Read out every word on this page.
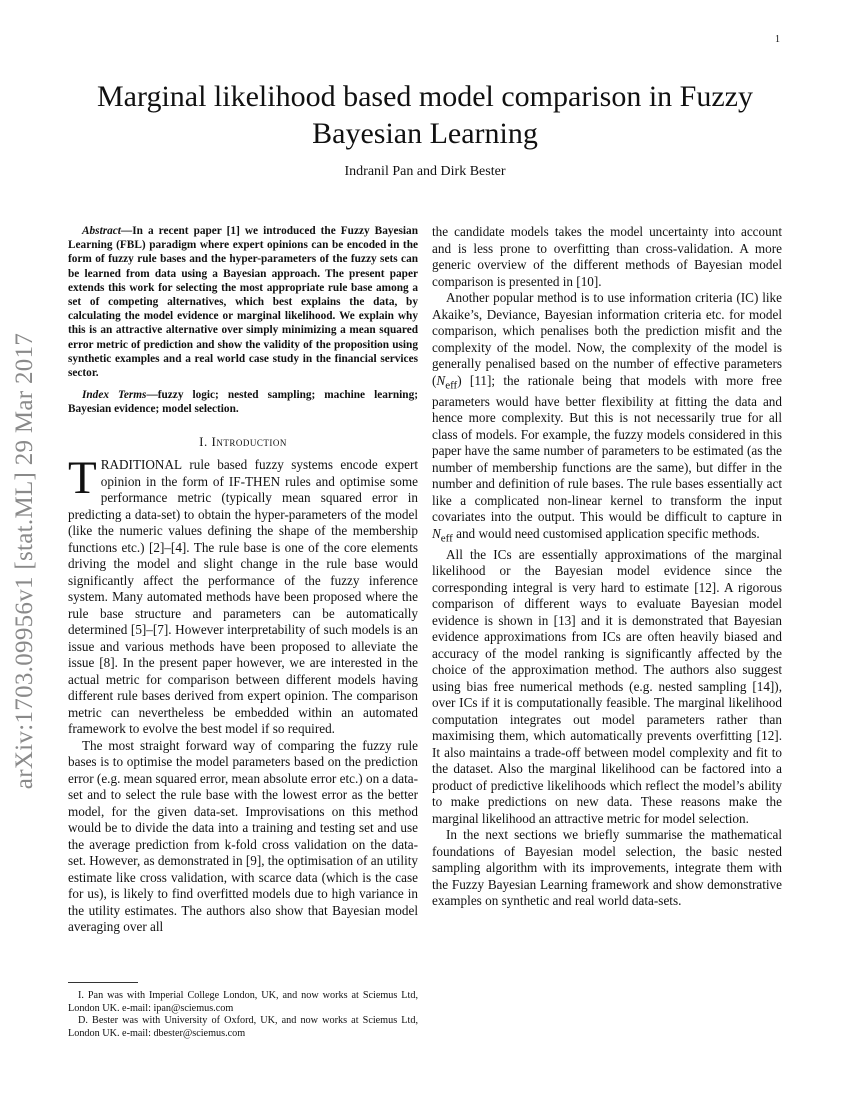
1
arXiv:1703.09956v1 [stat.ML] 29 Mar 2017
Marginal likelihood based model comparison in Fuzzy Bayesian Learning
Indranil Pan and Dirk Bester

Abstract—In a recent paper [1] we introduced the Fuzzy Bayesian Learning (FBL) paradigm where expert opinions can be encoded in the form of fuzzy rule bases and the hyper-parameters of the fuzzy sets can be learned from data using a Bayesian approach. The present paper extends this work for selecting the most appropriate rule base among a set of competing alternatives, which best explains the data, by calculating the model evidence or marginal likelihood. We explain why this is an attractive alternative over simply minimizing a mean squared error metric of prediction and show the validity of the proposition using synthetic examples and a real world case study in the financial services sector.

Index Terms—fuzzy logic; nested sampling; machine learning; Bayesian evidence; model selection.

I. Introduction

TRADITIONAL rule based fuzzy systems encode expert opinion in the form of IF-THEN rules and optimise some performance metric (typically mean squared error in predicting a data-set) to obtain the hyper-parameters of the model (like the numeric values defining the shape of the membership functions etc.) [2]–[4]. The rule base is one of the core elements driving the model and slight change in the rule base would significantly affect the performance of the fuzzy inference system. Many automated methods have been proposed where the rule base structure and parameters can be automatically determined [5]–[7]. However interpretability of such models is an issue and various methods have been proposed to alleviate the issue [8]. In the present paper however, we are interested in the actual metric for comparison between different models having different rule bases derived from expert opinion. The comparison metric can nevertheless be embedded within an automated framework to evolve the best model if so required.

The most straight forward way of comparing the fuzzy rule bases is to optimise the model parameters based on the prediction error (e.g. mean squared error, mean absolute error etc.) on a data-set and to select the rule base with the lowest error as the better model, for the given data-set. Improvisations on this method would be to divide the data into a training and testing set and use the average prediction from k-fold cross validation on the data-set. However, as demonstrated in [9], the optimisation of an utility estimate like cross validation, with scarce data (which is the case for us), is likely to find overfitted models due to high variance in the utility estimates. The authors also show that Bayesian model averaging over all

the candidate models takes the model uncertainty into account and is less prone to overfitting than cross-validation. A more generic overview of the different methods of Bayesian model comparison is presented in [10].

Another popular method is to use information criteria (IC) like Akaike’s, Deviance, Bayesian information criteria etc. for model comparison, which penalises both the prediction misfit and the complexity of the model. Now, the complexity of the model is generally penalised based on the number of effective parameters $(N_{eff})$ [11]; the rationale being that models with more free parameters would have better flexibility at fitting the data and hence more complexity. But this is not necessarily true for all class of models. For example, the fuzzy models considered in this paper have the same number of parameters to be estimated (as the number of membership functions are the same), but differ in the number and definition of rule bases. The rule bases essentially act like a complicated non-linear kernel to transform the input covariates into the output. This would be difficult to capture in $N_{eff}$ and would need customised application specific methods.

All the ICs are essentially approximations of the marginal likelihood or the Bayesian model evidence since the corresponding integral is very hard to estimate [12]. A rigorous comparison of different ways to evaluate Bayesian model evidence is shown in [13] and it is demonstrated that Bayesian evidence approximations from ICs are often heavily biased and accuracy of the model ranking is significantly affected by the choice of the approximation method. The authors also suggest using bias free numerical methods (e.g. nested sampling [14]), over ICs if it is computationally feasible. The marginal likelihood computation integrates out model parameters rather than maximising them, which automatically prevents overfitting [12]. It also maintains a trade-off between model complexity and fit to the dataset. Also the marginal likelihood can be factored into a product of predictive likelihoods which reflect the model’s ability to make predictions on new data. These reasons make the marginal likelihood an attractive metric for model selection.

In the next sections we briefly summarise the mathematical foundations of Bayesian model selection, the basic nested sampling algorithm with its improvements, integrate them with the Fuzzy Bayesian Learning framework and show demonstrative examples on synthetic and real world data-sets.

I. Pan was with Imperial College London, UK, and now works at Sciemus Ltd, London UK. e-mail: ipan@sciemus.com

D. Bester was with University of Oxford, UK, and now works at Sciemus Ltd, London UK. e-mail: dbester@sciemus.com
